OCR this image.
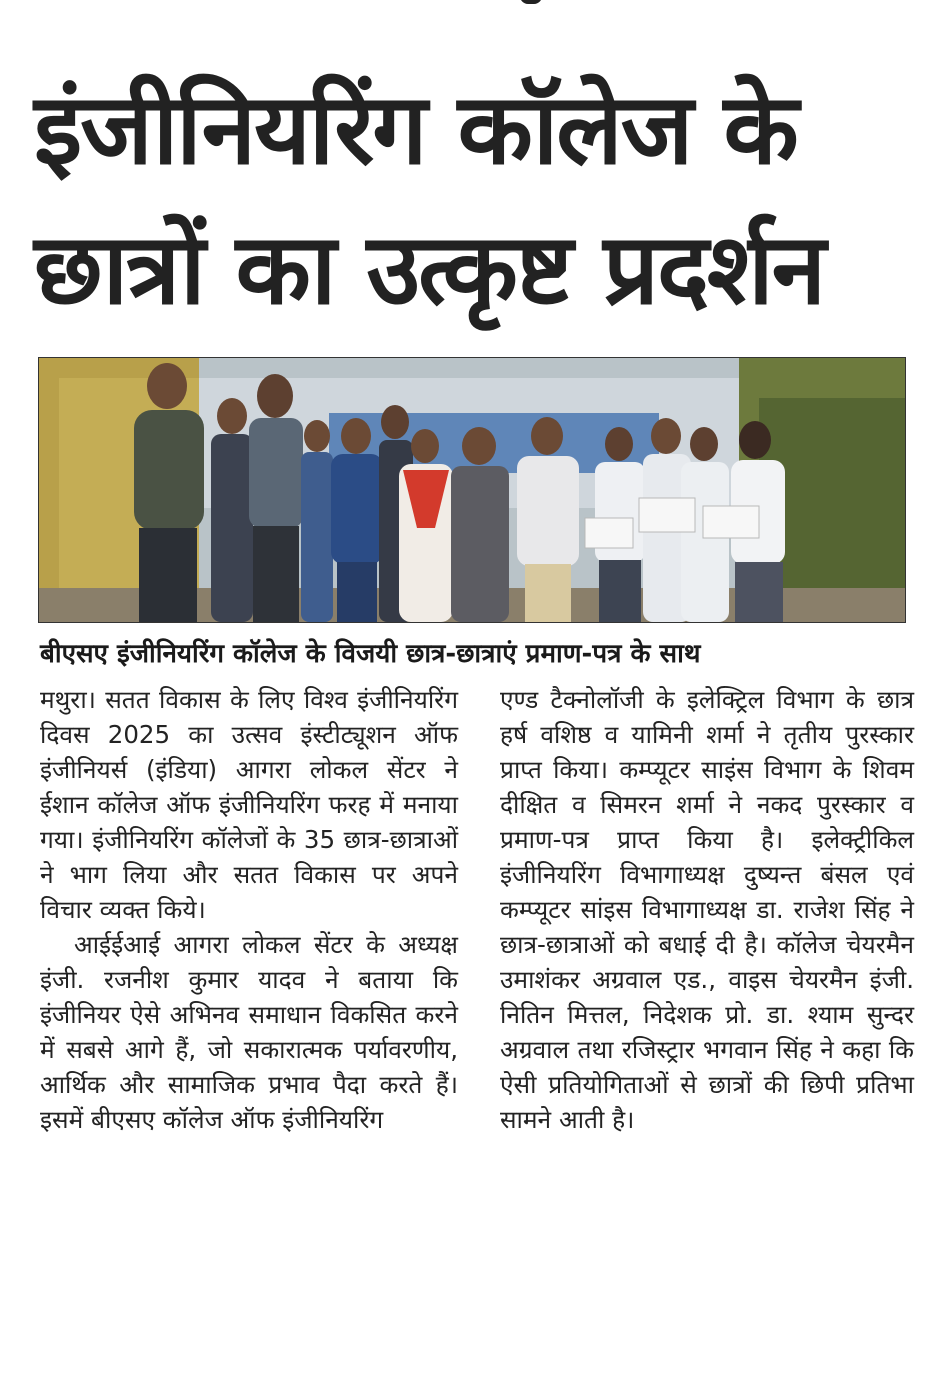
इंजीनियरिंग कॉलेज के
छात्रों का उत्कृष्ट प्रदर्शन

बीएसए इंजीनियरिंग कॉलेज के विजयी छात्र-छात्राएं प्रमाण-पत्र के साथ

मथुरा। सतत विकास के लिए विश्व इंजीनियरिंग दिवस 2025 का उत्सव इंस्टीट्यूशन ऑफ इंजीनियर्स (इंडिया) आगरा लोकल सेंटर ने ईशान कॉलेज ऑफ इंजीनियरिंग फरह में मनाया गया। इंजीनियरिंग कॉलेजों के 35 छात्र-छात्राओं ने भाग लिया और सतत विकास पर अपने विचार व्यक्त किये।

आईईआई आगरा लोकल सेंटर के अध्यक्ष इंजी. रजनीश कुमार यादव ने बताया कि इंजीनियर ऐसे अभिनव समाधान विकसित करने में सबसे आगे हैं, जो सकारात्मक पर्यावरणीय, आर्थिक और सामाजिक प्रभाव पैदा करते हैं। इसमें बीएसए कॉलेज ऑफ इंजीनियरिंग

एण्ड टैक्नोलॉजी के इलेक्ट्रिल विभाग के छात्र हर्ष वशिष्ठ व यामिनी शर्मा ने तृतीय पुरस्कार प्राप्त किया। कम्प्यूटर साइंस विभाग के शिवम दीक्षित व सिमरन शर्मा ने नकद पुरस्कार व प्रमाण-पत्र प्राप्त किया है। इलेक्ट्रीकिल इंजीनियरिंग विभागाध्यक्ष दुष्यन्त बंसल एवं कम्प्यूटर सांइस विभागाध्यक्ष डा. राजेश सिंह ने छात्र-छात्राओं को बधाई दी है। कॉलेज चेयरमैन उमाशंकर अग्रवाल एड., वाइस चेयरमैन इंजी. नितिन मित्तल, निदेशक प्रो. डा. श्याम सुन्दर अग्रवाल तथा रजिस्ट्रार भगवान सिंह ने कहा कि ऐसी प्रतियोगिताओं से छात्रों की छिपी प्रतिभा सामने आती है।
